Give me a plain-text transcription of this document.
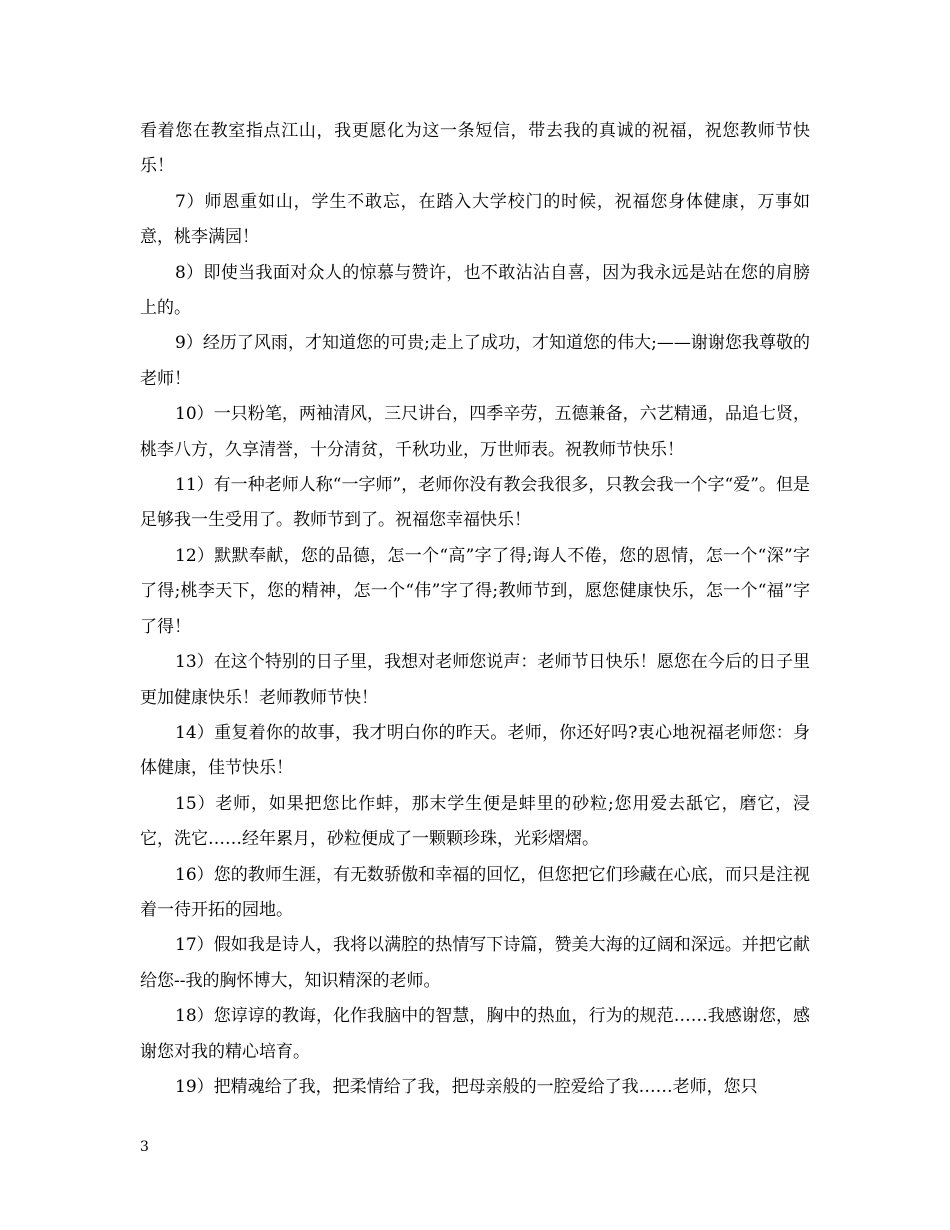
看着您在教室指点江山，我更愿化为这一条短信，带去我的真诚的祝福，祝您教师节快乐！

7）师恩重如山，学生不敢忘，在踏入大学校门的时候，祝福您身体健康，万事如意，桃李满园！

8）即使当我面对众人的惊慕与赞许，也不敢沾沾自喜，因为我永远是站在您的肩膀上的。

9）经历了风雨，才知道您的可贵;走上了成功，才知道您的伟大;——谢谢您我尊敬的老师！

10）一只粉笔，两袖清风，三尺讲台，四季辛劳，五德兼备，六艺精通，品追七贤，桃李八方，久享清誉，十分清贫，千秋功业，万世师表。祝教师节快乐！

11）有一种老师人称“一字师”，老师你没有教会我很多，只教会我一个字“爱”。但是足够我一生受用了。教师节到了。祝福您幸福快乐！

12）默默奉献，您的品德，怎一个“高”字了得;诲人不倦，您的恩情，怎一个“深”字了得;桃李天下，您的精神，怎一个“伟”字了得;教师节到，愿您健康快乐，怎一个“福”字了得！

13）在这个特别的日子里，我想对老师您说声：老师节日快乐！愿您在今后的日子里更加健康快乐！老师教师节快！

14）重复着你的故事，我才明白你的昨天。老师，你还好吗?衷心地祝福老师您：身体健康，佳节快乐！

15）老师，如果把您比作蚌，那末学生便是蚌里的砂粒;您用爱去舐它，磨它，浸它，洗它……经年累月，砂粒便成了一颗颗珍珠，光彩熠熠。

16）您的教师生涯，有无数骄傲和幸福的回忆，但您把它们珍藏在心底，而只是注视着一待开拓的园地。

17）假如我是诗人，我将以满腔的热情写下诗篇，赞美大海的辽阔和深远。并把它献给您--我的胸怀博大，知识精深的老师。

18）您谆谆的教诲，化作我脑中的智慧，胸中的热血，行为的规范……我感谢您，感谢您对我的精心培育。

19）把精魂给了我，把柔情给了我，把母亲般的一腔爱给了我……老师，您只

3
